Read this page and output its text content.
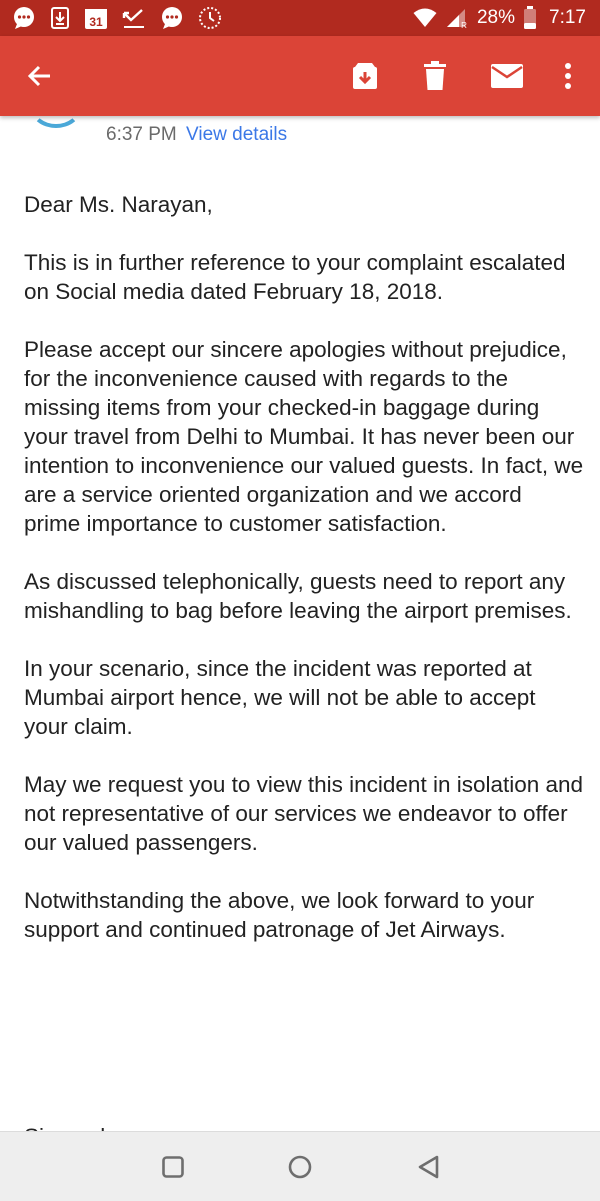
31	R 28% 7:17
6:37 PM View details

Dear Ms. Narayan,

This is in further reference to your complaint escalated on Social media dated February 18, 2018.

Please accept our sincere apologies without prejudice, for the inconvenience caused with regards to the missing items from your checked-in baggage during your travel from Delhi to Mumbai. It has never been our intention to inconvenience our valued guests. In fact, we are a service oriented organization and we accord prime importance to customer satisfaction.

As discussed telephonically, guests need to report any mishandling to bag before leaving the airport premises.

In your scenario, since the incident was reported at Mumbai airport hence, we will not be able to accept your claim.

May we request you to view this incident in isolation and not representative of our services we endeavor to offer our valued passengers.

Notwithstanding the above, we look forward to your support and continued patronage of Jet Airways.
